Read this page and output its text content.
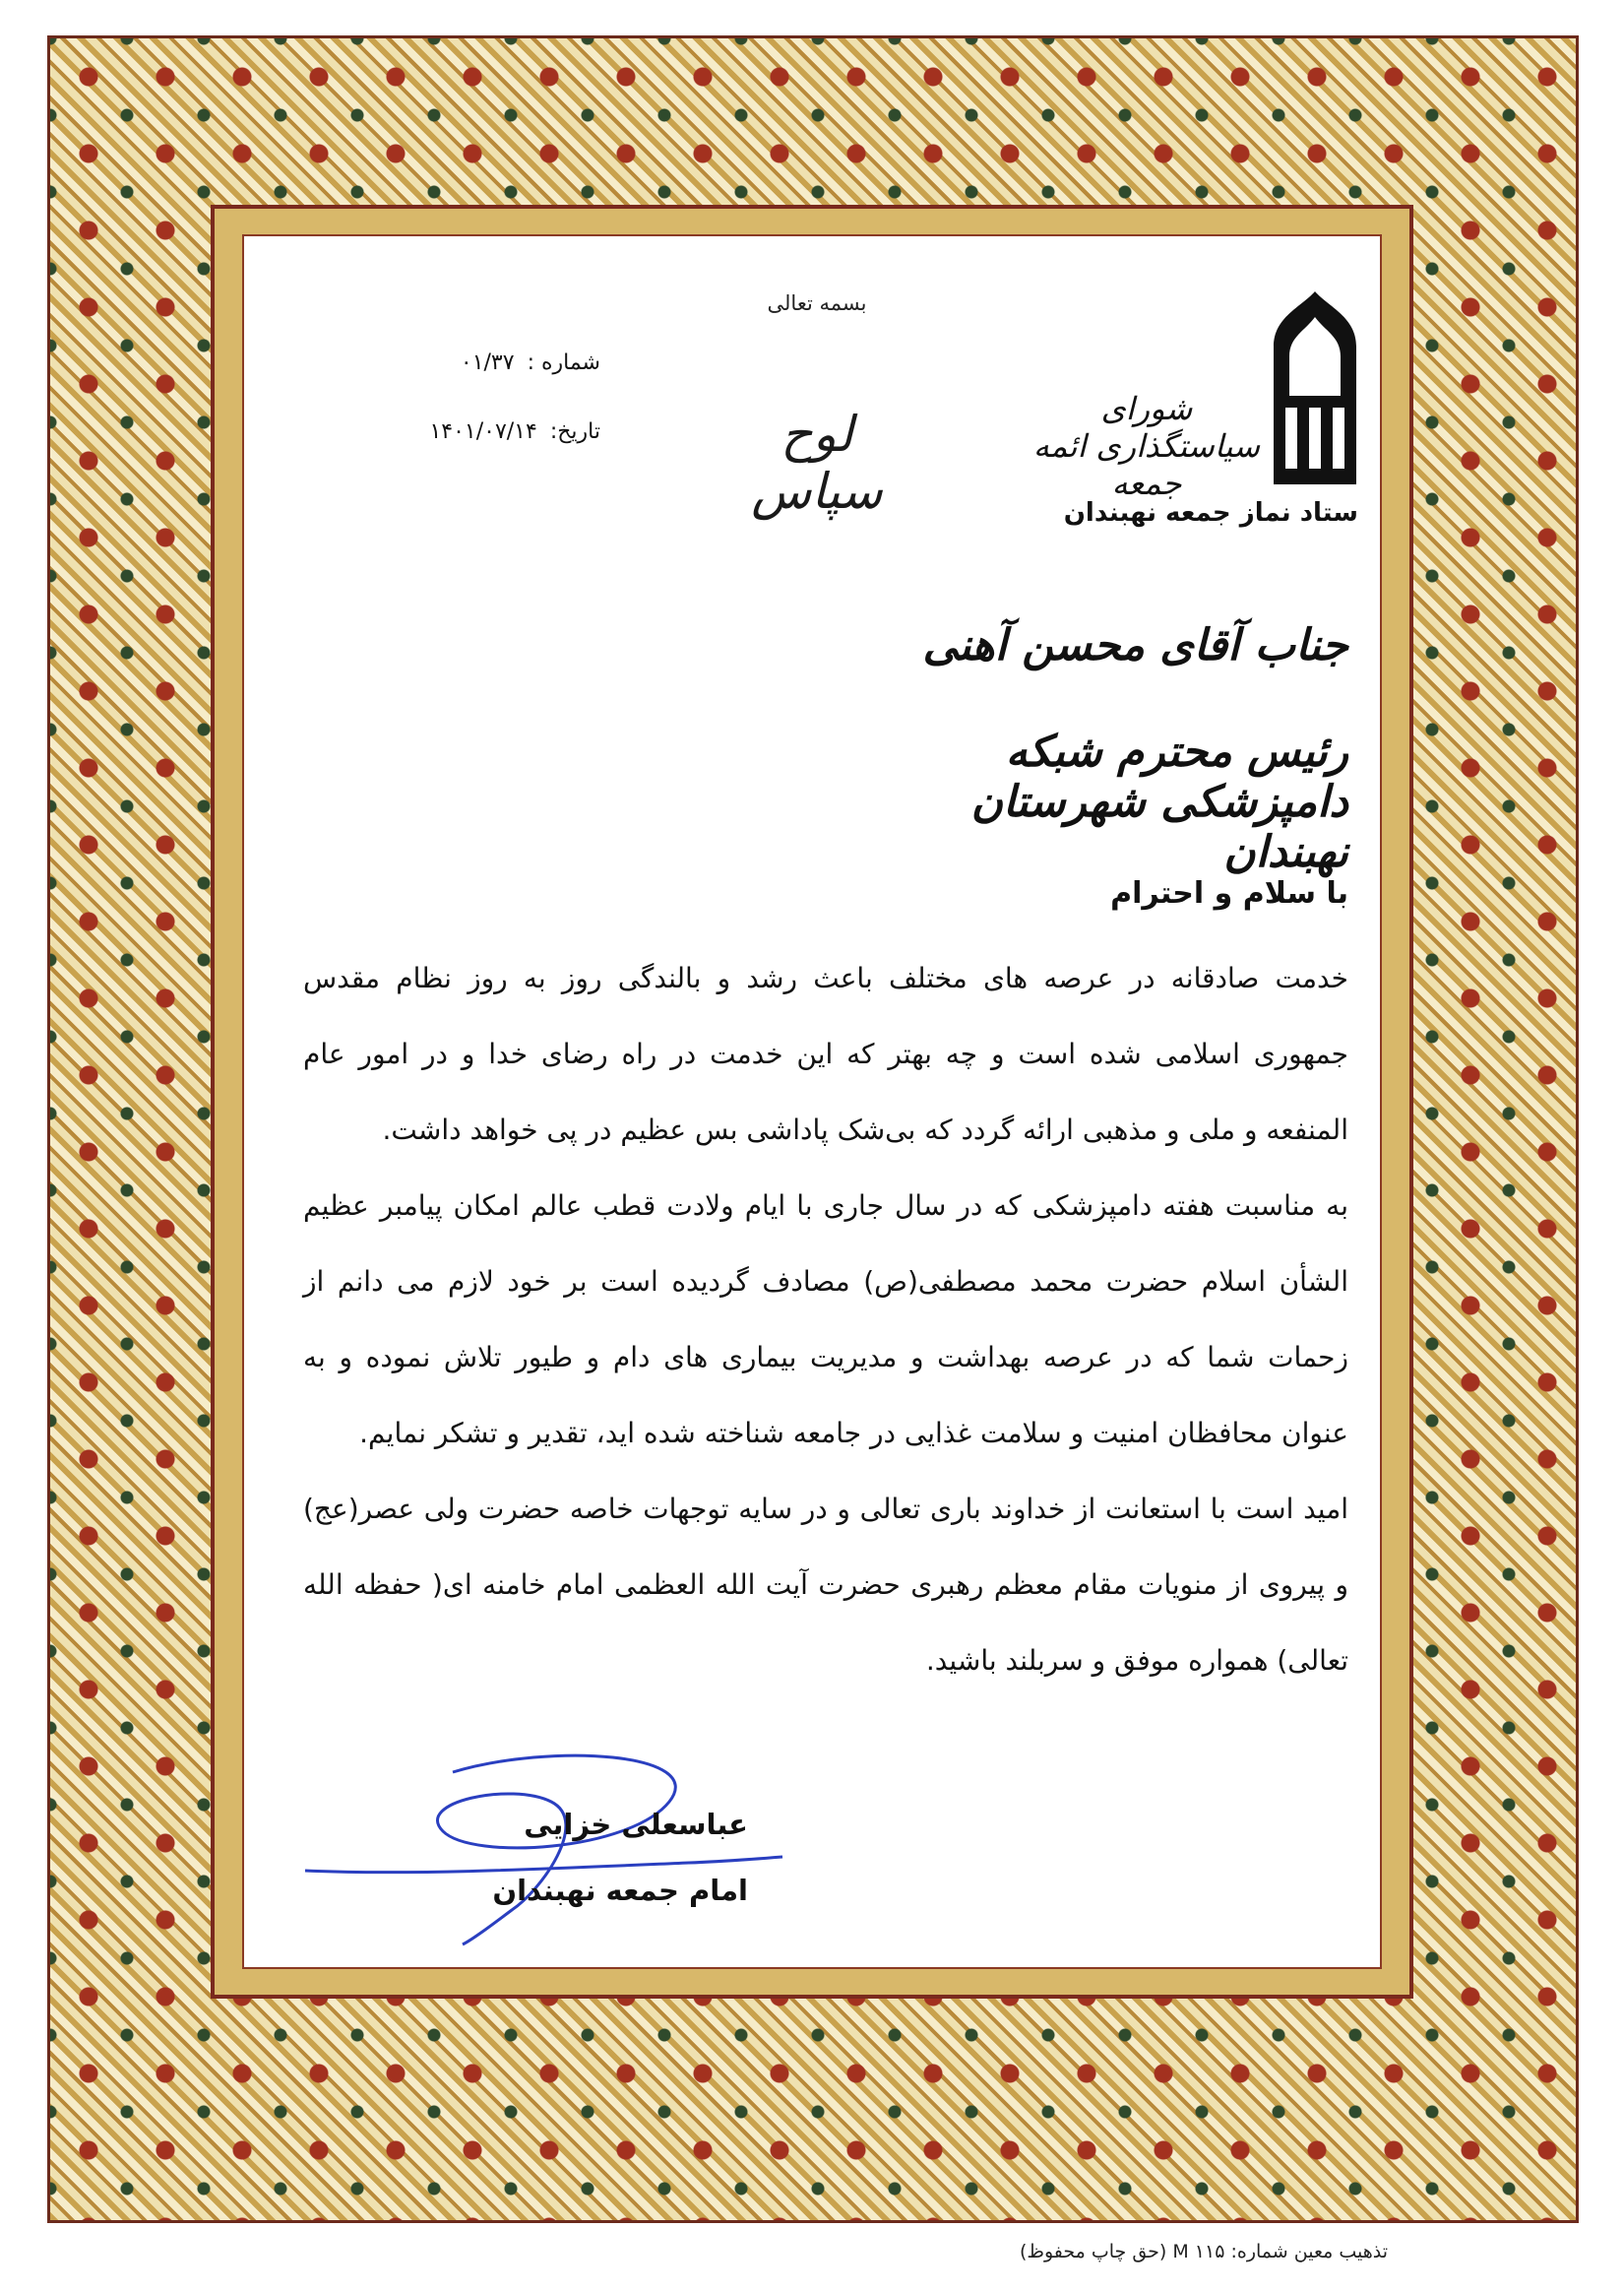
بسمه تعالی
شماره : ۰۱/۳۷
تاریخ: ۱۴۰۱/۰۷/۱۴	لوح سپاس
شورای سیاستگذاری ائمه جمعه
ستاد نماز جمعه نهبندان
جناب آقای محسن آهنی
رئیس محترم شبکه دامپزشکی شهرستان نهبندان

با سلام و احترام

خدمت صادقانه در عرصه های مختلف باعث رشد و بالندگی روز به روز نظام مقدس جمهوری اسلامی شده است و چه بهتر که این خدمت در راه رضای خدا و در امور عام المنفعه و ملی و مذهبی ارائه گردد که بی‌شک پاداشی بس عظیم در پی خواهد داشت.

به مناسبت هفته دامپزشکی که در سال جاری با ایام ولادت قطب عالم امکان پیامبر عظیم الشأن اسلام حضرت محمد مصطفی(ص) مصادف گردیده است بر خود لازم می دانم از زحمات شما که در عرصه بهداشت و مدیریت بیماری های دام و طیور تلاش نموده و به عنوان محافظان امنیت و سلامت غذایی در جامعه شناخته شده اید، تقدیر و تشکر نمایم.

امید است با استعانت از خداوند باری تعالی و در سایه توجهات خاصه حضرت ولی عصر(عج) و پیروی از منویات مقام معظم رهبری حضرت آیت الله العظمی امام خامنه ای( حفظه الله تعالی) همواره موفق و سربلند باشید.

عباسعلی خزایی
امام جمعه نهبندان
تذهیب معین شماره: M ۱۱۵ (حق چاپ محفوظ)
